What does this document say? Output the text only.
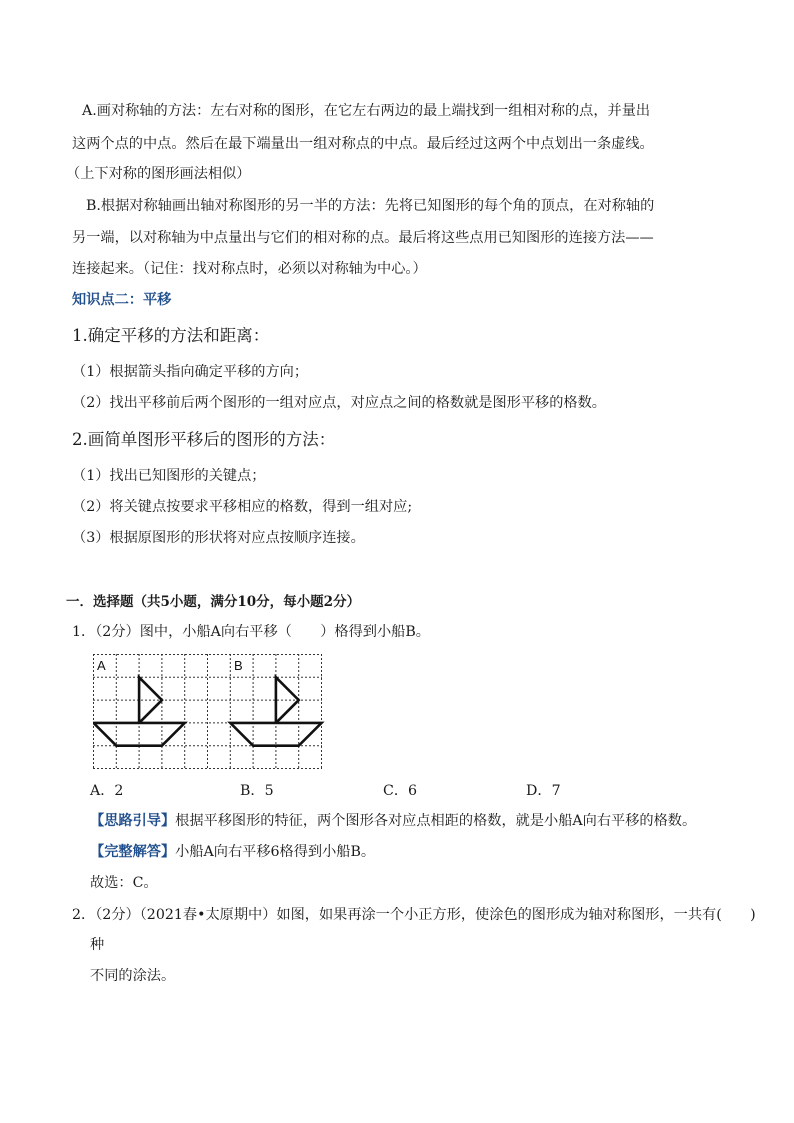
A.画对称轴的方法：左右对称的图形，在它左右两边的最上端找到一组相对称的点，并量出
这两个点的中点。然后在最下端量出一组对称点的中点。最后经过这两个中点划出一条虚线。
（上下对称的图形画法相似）
B.根据对称轴画出轴对称图形的另一半的方法：先将已知图形的每个角的顶点，在对称轴的
另一端，以对称轴为中点量出与它们的相对称的点。最后将这些点用已知图形的连接方法——
连接起来。（记住：找对称点时，必须以对称轴为中心。）
知识点二：平移
1.确定平移的方法和距离：
（1）根据箭头指向确定平移的方向；
（2）找出平移前后两个图形的一组对应点，对应点之间的格数就是图形平移的格数。
2.画简单图形平移后的图形的方法：
（1）找出已知图形的关键点；
（2）将关键点按要求平移相应的格数，得到一组对应;
（3）根据原图形的形状将对应点按顺序连接。
一．选择题（共5小题，满分10分，每小题2分）
1．（2分）图中，小船A向右平移（　　）格得到小船B。
A	B
A．2	B．5	C．6	D．7
【思路引导】根据平移图形的特征，两个图形各对应点相距的格数，就是小船A向右平移的格数。
【完整解答】小船A向右平移6格得到小船B。
故选：C。
2．（2分）（2021春•太原期中）如图，如果再涂一个小正方形，使涂色的图形成为轴对称图形，一共有(　　)
种
不同的涂法。
